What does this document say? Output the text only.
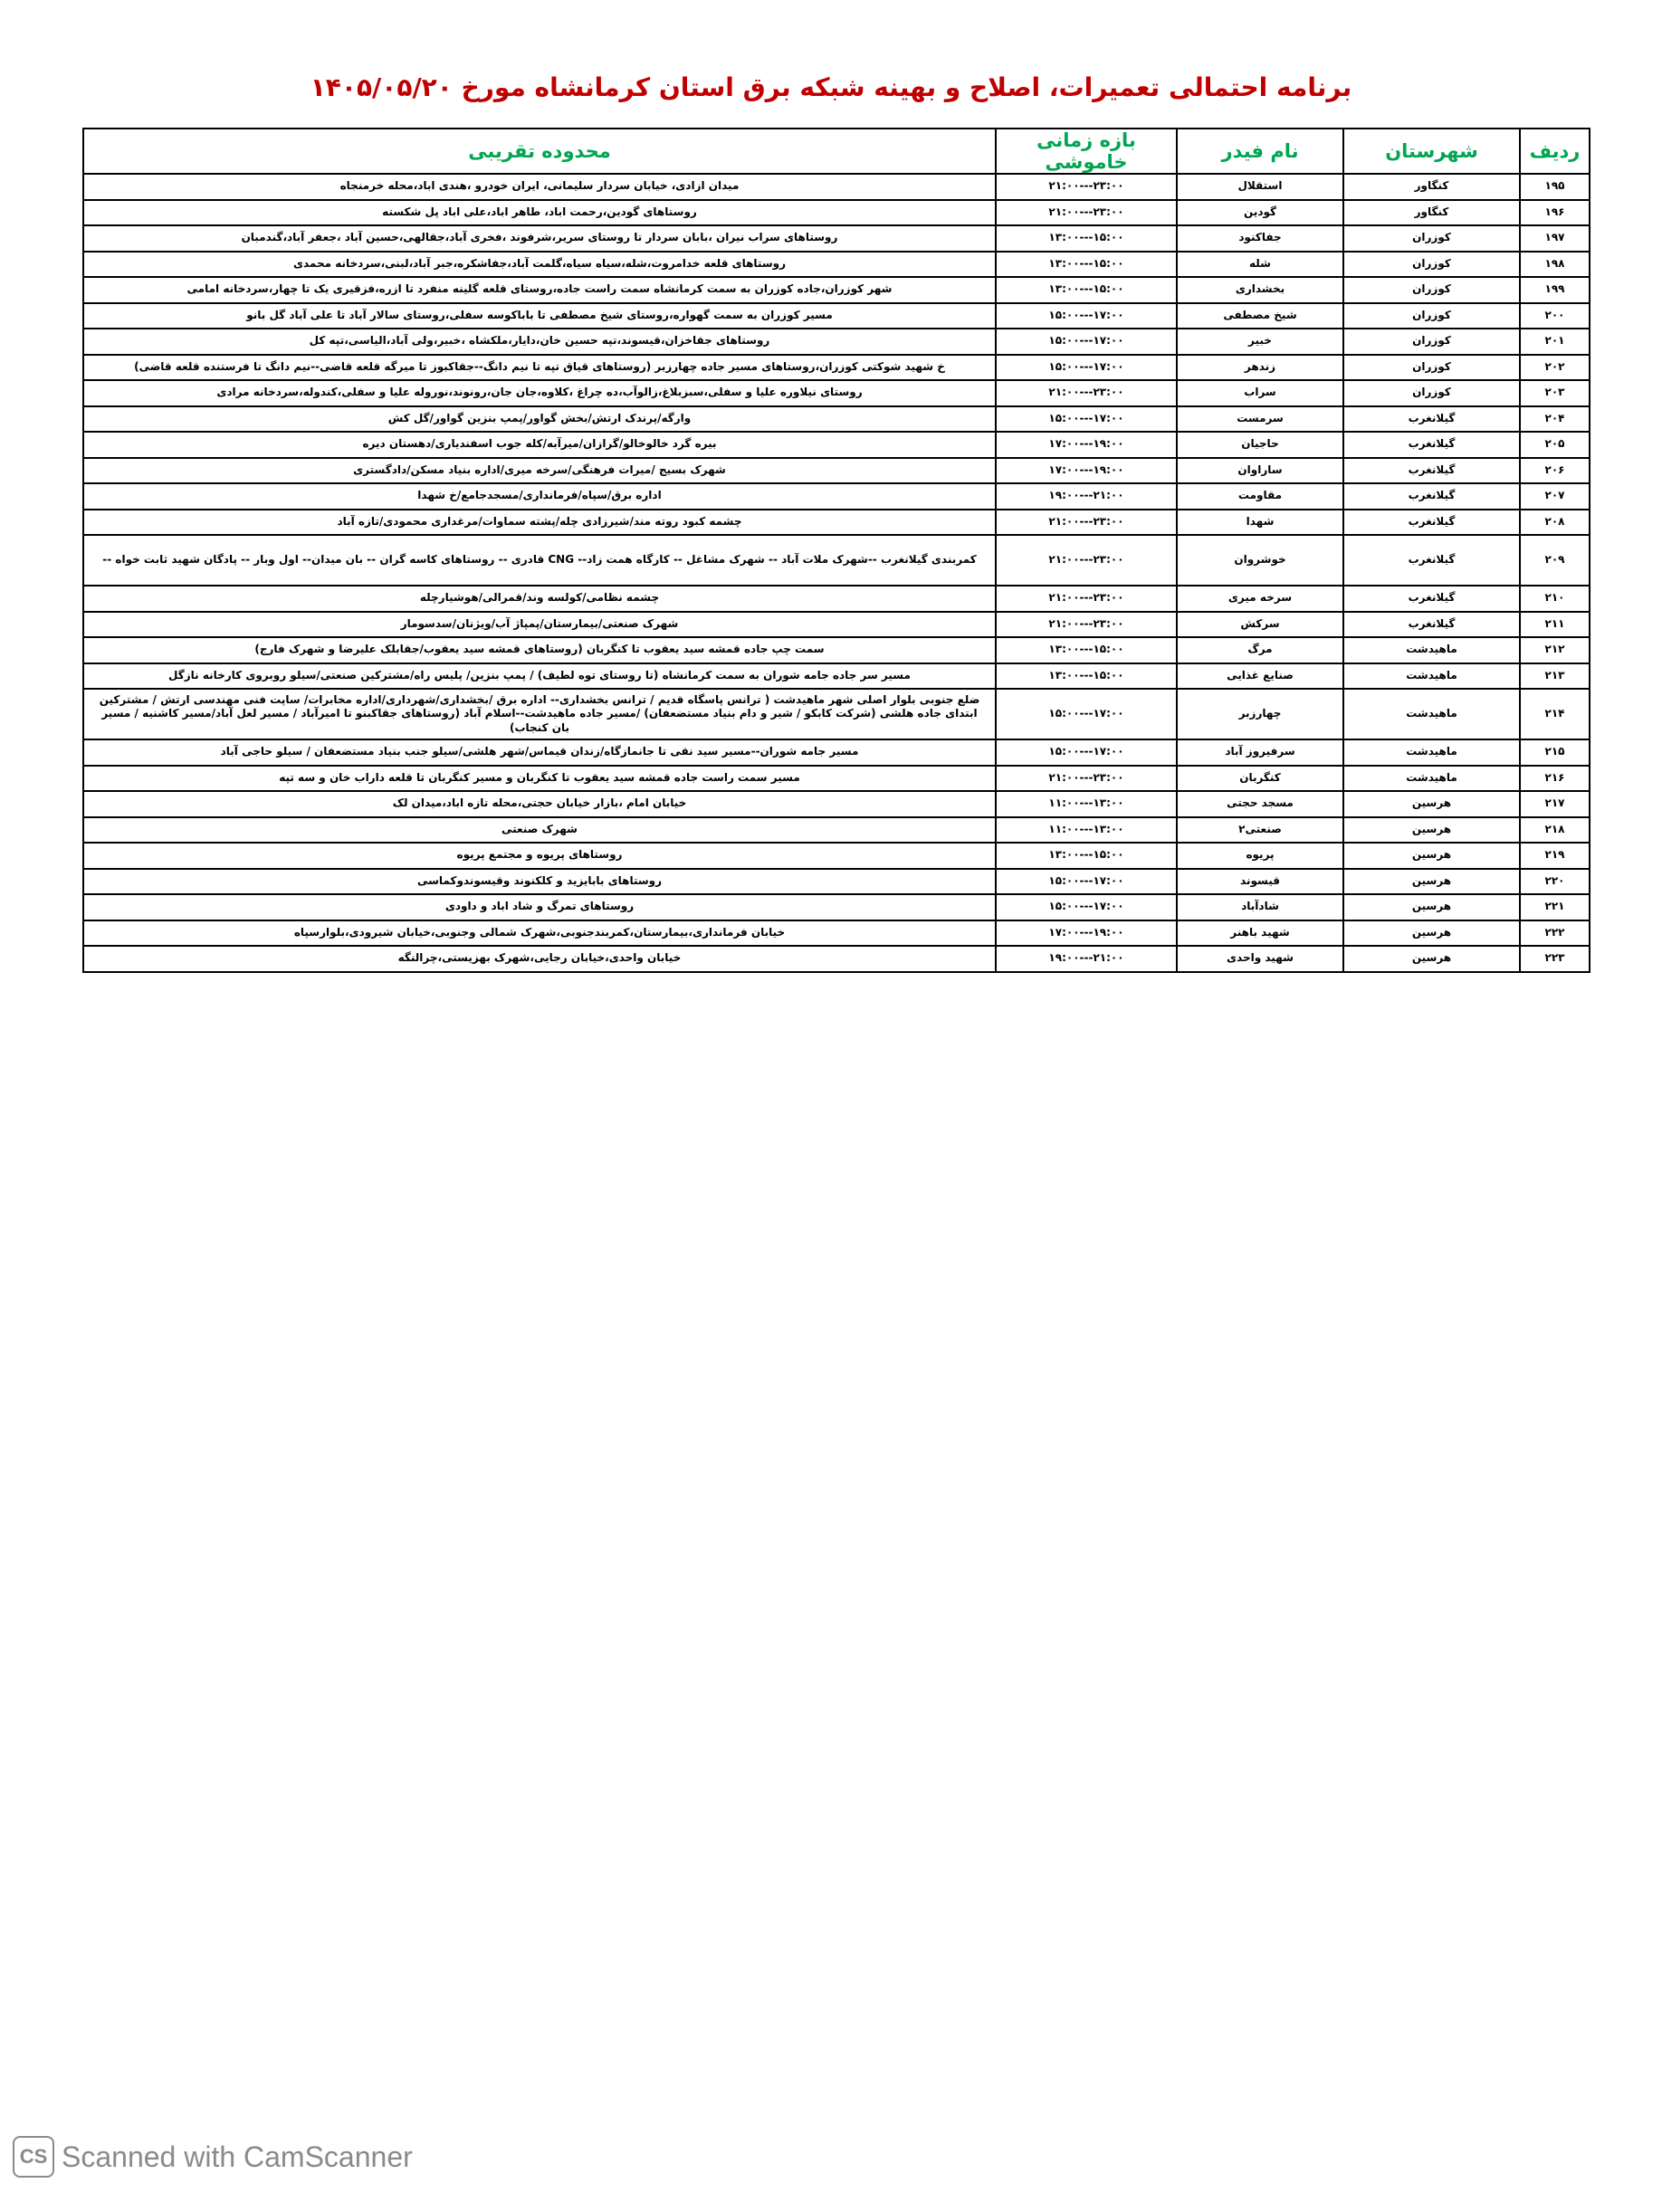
برنامه احتمالی تعمیرات، اصلاح و بهینه شبکه برق استان کرمانشاه مورخ ۱۴۰۵/۰۵/۲۰
ردیف	شهرستان	نام فیدر	بازه زمانی خاموشی	محدوده تقریبی
۱۹۵	کنگاور	استقلال	۲۱:۰۰---۲۳:۰۰	میدان ازادی، خیابان سردار سلیمانی، ایران خودرو ،هندی اباد،محله خرمنجاه
۱۹۶	کنگاور	گودین	۲۱:۰۰---۲۳:۰۰	روستاهای گودین،رحمت اباد، طاهر اباد،علی اباد پل شکسته
۱۹۷	کوزران	جفاکنود	۱۳:۰۰---۱۵:۰۰	روستاهای سراب نیران ،بابان سردار تا روستای سریر،شرفوند ،فخری آباد،جقالهی،حسین آباد ،جعفر آباد،گندمبان
۱۹۸	کوزران	شله	۱۳:۰۰---۱۵:۰۰	روستاهای قلعه خدامروت،شله،سیاه سیاه،گلمت آباد،جفاشکره،جبر آباد،لبنی،سردخانه محمدی
۱۹۹	کوزران	بخشداری	۱۳:۰۰---۱۵:۰۰	شهر کوزران،جاده کوزران به سمت کرمانشاه سمت راست جاده،روستای قلعه گلینه منفرد تا ازره،فزقیری یک تا چهار،سردخانه امامی
۲۰۰	کوزران	شیخ مصطفی	۱۵:۰۰---۱۷:۰۰	مسیر کوزران به سمت گهواره،روستای شیخ مصطفی تا باباکوسه سفلی،روستای سالار آباد تا علی آباد گل بانو
۲۰۱	کوزران	خبیر	۱۵:۰۰---۱۷:۰۰	روستاهای جقاخزان،قیسوند،تپه حسین خان،دایار،ملکشاه ،خبیر،ولی آباد،الیاسی،تپه کل
۲۰۲	کوزران	زندهر	۱۵:۰۰---۱۷:۰۰	خ شهید شوکتی کوزران،روستاهای مسیر جاده چهارزبر (روستاهای قیاق تپه تا نیم دانگ--جقاکبوز تا میرگه قلعه قاضی--نیم دانگ تا فرستنده قلعه قاضی)
۲۰۳	کوزران	سراب	۲۱:۰۰---۲۳:۰۰	روستای نیلاوره علیا و سفلی،سبزبلاغ،زالوآب،ده چراغ ،کلاوه،جان جان،رونوند،نوروله علیا و سفلی،کندوله،سردخانه مرادی
۲۰۴	گیلانغرب	سرمست	۱۵:۰۰---۱۷:۰۰	وارگه/پرندک ارتش/بخش گواور/پمپ بنزین گواور/گل کش
۲۰۵	گیلانغرب	حاجیان	۱۷:۰۰---۱۹:۰۰	بیره گرد خالوخالو/گرازان/میرآبه/کله جوب اسفندیاری/دهستان دیره
۲۰۶	گیلانغرب	ساراوان	۱۷:۰۰---۱۹:۰۰	شهرک بسیج /میرات فرهنگی/سرخه میری/اداره بنیاد مسکن/دادگستری
۲۰۷	گیلانغرب	مقاومت	۱۹:۰۰---۲۱:۰۰	اداره برق/سپاه/فرمانداری/مسجدجامع/خ شهدا
۲۰۸	گیلانغرب	شهدا	۲۱:۰۰---۲۳:۰۰	چشمه کبود روته مند/شیرزادی چله/پشته سماوات/مرغداری محمودی/تازه آباد
۲۰۹	گیلانغرب	خوشروان	۲۱:۰۰---۲۳:۰۰	کمربندی گیلانغرب --شهرک ملات آباد -- شهرک مشاغل -- کارگاه همت زاد-- CNG قادری -- روستاهای کاسه گران -- بان میدان-- اول وبار -- پادگان شهید ثابت خواه --
۲۱۰	گیلانغرب	سرخه میری	۲۱:۰۰---۲۳:۰۰	چشمه نظامی/کولسه وند/قمرالی/هوشیارچله
۲۱۱	گیلانغرب	سرکش	۲۱:۰۰---۲۳:۰۰	شهرک صنعتی/بیمارستان/پمپاژ آب/ویژنان/سدسومار
۲۱۲	ماهیدشت	مرگ	۱۳:۰۰---۱۵:۰۰	سمت چپ جاده قمشه سید یعقوب تا کنگربان (روستاهای قمشه سید یعقوب/جقابلک علیرضا و شهرک فارج)
۲۱۳	ماهیدشت	صنایع غذایی	۱۳:۰۰---۱۵:۰۰	مسیر سر جاده جامه شوران به سمت کرمانشاه (تا روستای توه لطیف) / پمپ بنزین/ پلیس راه/مشترکین صنعتی/سیلو روبروی کارخانه نازگل
۲۱۴	ماهیدشت	چهارزبر	۱۵:۰۰---۱۷:۰۰	ضلع جنوبی بلوار اصلی شهر ماهیدشت ( ترانس پاسگاه قدیم / ترانس بخشداری-- اداره برق /بخشداری/شهرداری/اداره مخابرات/ ساپت فنی مهندسی ارتش / مشترکین ابتدای جاده هلشی (شرکت کابکو / شیر و دام بنیاد مستضعفان) /مسیر جاده ماهیدشت--اسلام آباد (روستاهای جقاکبنو تا امیرآباد / مسیر لعل آباد/مسیر کاشنیه / مسیر بان کنجاب)
۲۱۵	ماهیدشت	سرفیروز آباد	۱۵:۰۰---۱۷:۰۰	مسیر جامه شوران--مسیر سید نقی تا جانمازگاه/زندان قیماس/شهر هلشی/سیلو جنب بنیاد مستضعفان / سیلو حاجی آباد
۲۱۶	ماهیدشت	کنگربان	۲۱:۰۰---۲۳:۰۰	مسیر سمت راست جاده قمشه سید یعقوب تا کنگربان و مسیر کنگربان تا قلعه داراب خان و سه تپه
۲۱۷	هرسین	مسجد حجتی	۱۱:۰۰---۱۳:۰۰	خیابان امام ،بازار خیابان حجتی،محله تازه اباد،میدان لک
۲۱۸	هرسین	صنعتی۲	۱۱:۰۰---۱۳:۰۰	شهرک صنعتی
۲۱۹	هرسین	پریوه	۱۳:۰۰---۱۵:۰۰	روستاهای پریوه و مجتمع پریوه
۲۲۰	هرسین	قیسوند	۱۵:۰۰---۱۷:۰۰	روستاهای بابایزید و کلکنوند وقیسوندوکماسی
۲۲۱	هرسین	شادآباد	۱۵:۰۰---۱۷:۰۰	روستاهای تمرگ و شاد اباد و داودی
۲۲۲	هرسین	شهید باهنر	۱۷:۰۰---۱۹:۰۰	خیابان فرمانداری،بیمارستان،کمربندجنوبی،شهرک شمالی وجنوبی،خیابان شیرودی،بلوارسپاه
۲۲۳	هرسین	شهید واحدی	۱۹:۰۰---۲۱:۰۰	خیابان واحدی،خیابان رجایی،شهرک بهزیستی،چرالنگه
CS Scanned with CamScanner
